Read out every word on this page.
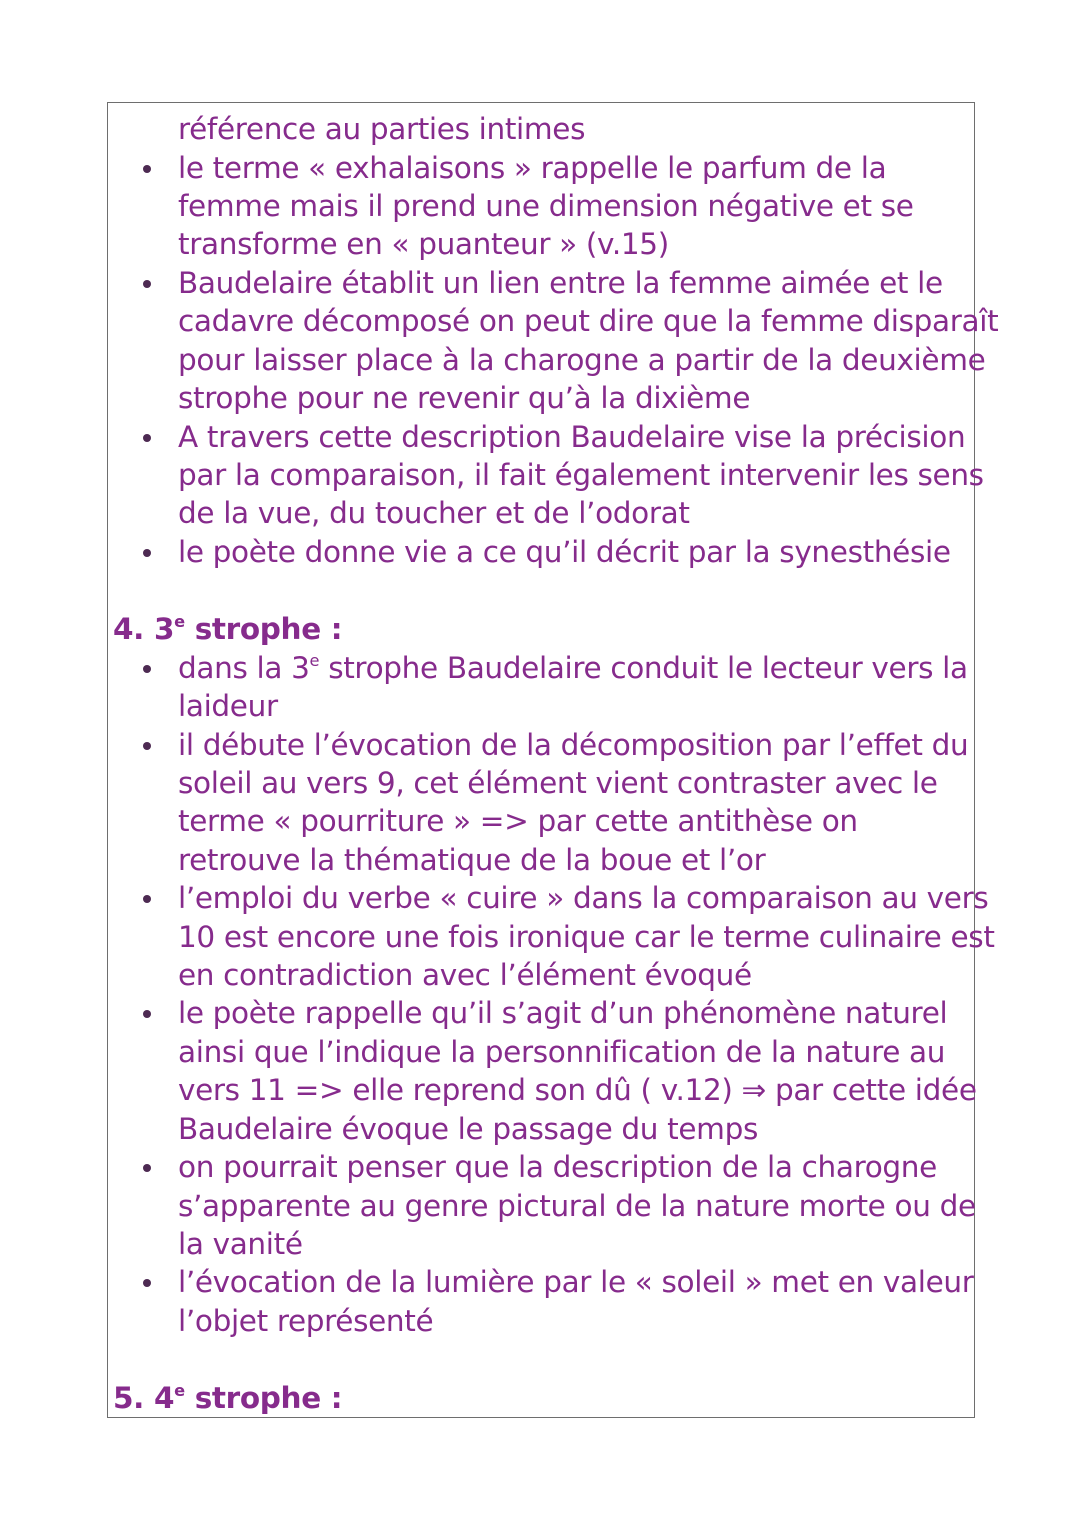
référence au parties intimes
le terme « exhalaisons » rappelle le parfum de la
femme mais il prend une dimension négative et se
transforme en « puanteur » (v.15)
Baudelaire établit un lien entre la femme aimée et le
cadavre décomposé on peut dire que la femme disparaît
pour laisser place à la charogne a partir de la deuxième
strophe pour ne revenir qu’à la dixième
A travers cette description Baudelaire vise la précision
par la comparaison, il fait également intervenir les sens
de la vue, du toucher et de l’odorat
le poète donne vie a ce qu’il décrit par la synesthésie
4. 3e strophe :
dans la 3e strophe Baudelaire conduit le lecteur vers la
laideur
il débute l’évocation de la décomposition par l’effet du
soleil au vers 9, cet élément vient contraster avec le
terme « pourriture » => par cette antithèse on
retrouve la thématique de la boue et l’or
l’emploi du verbe « cuire » dans la comparaison au vers
10 est encore une fois ironique car le terme culinaire est
en contradiction avec l’élément évoqué
le poète rappelle qu’il s’agit d’un phénomène naturel
ainsi que l’indique la personnification de la nature au
vers 11 => elle reprend son dû ( v.12) ⇒ par cette idée
Baudelaire évoque le passage du temps
on pourrait penser que la description de la charogne
s’apparente au genre pictural de la nature morte ou de
la vanité
l’évocation de la lumière par le « soleil » met en valeur
l’objet représenté
5. 4e strophe :
